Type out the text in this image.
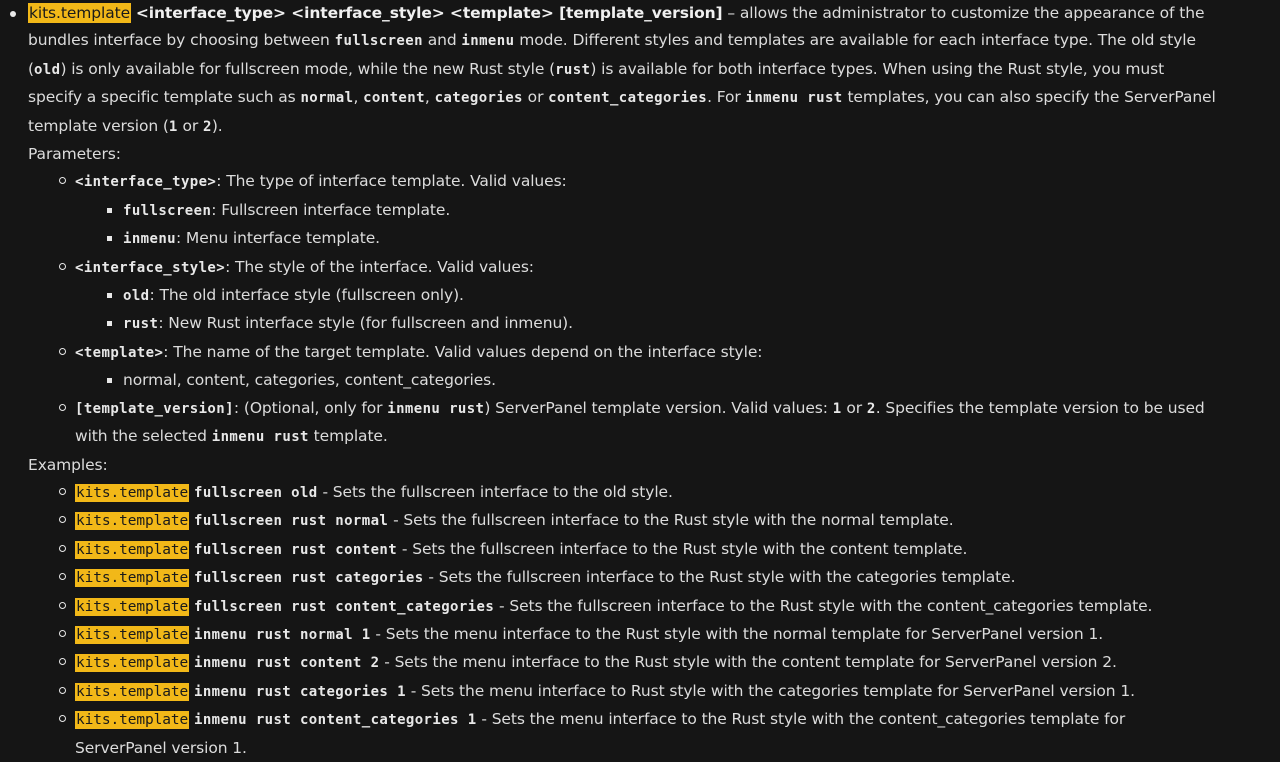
kits.template <interface_type> <interface_style> <template> [template_version] – allows the administrator to customize the appearance of the bundles interface by choosing between fullscreen and inmenu mode. Different styles and templates are available for each interface type. The old style (old) is only available for fullscreen mode, while the new Rust style (rust) is available for both interface types. When using the Rust style, you must specify a specific template such as normal, content, categories or content_categories. For inmenu rust templates, you can also specify the ServerPanel template version (1 or 2).
Parameters:
<interface_type>: The type of interface template. Valid values:
fullscreen: Fullscreen interface template.
inmenu: Menu interface template.
<interface_style>: The style of the interface. Valid values:
old: The old interface style (fullscreen only).
rust: New Rust interface style (for fullscreen and inmenu).
<template>: The name of the target template. Valid values depend on the interface style:
normal, content, categories, content_categories.
[template_version]: (Optional, only for inmenu rust) ServerPanel template version. Valid values: 1 or 2. Specifies the template version to be used with the selected inmenu rust template.
Examples:
kits.template fullscreen old - Sets the fullscreen interface to the old style.
kits.template fullscreen rust normal - Sets the fullscreen interface to the Rust style with the normal template.
kits.template fullscreen rust content - Sets the fullscreen interface to the Rust style with the content template.
kits.template fullscreen rust categories - Sets the fullscreen interface to the Rust style with the categories template.
kits.template fullscreen rust content_categories - Sets the fullscreen interface to the Rust style with the content_categories template.
kits.template inmenu rust normal 1 - Sets the menu interface to the Rust style with the normal template for ServerPanel version 1.
kits.template inmenu rust content 2 - Sets the menu interface to the Rust style with the content template for ServerPanel version 2.
kits.template inmenu rust categories 1 - Sets the menu interface to Rust style with the categories template for ServerPanel version 1.
kits.template inmenu rust content_categories 1 - Sets the menu interface to the Rust style with the content_categories template for ServerPanel version 1.
